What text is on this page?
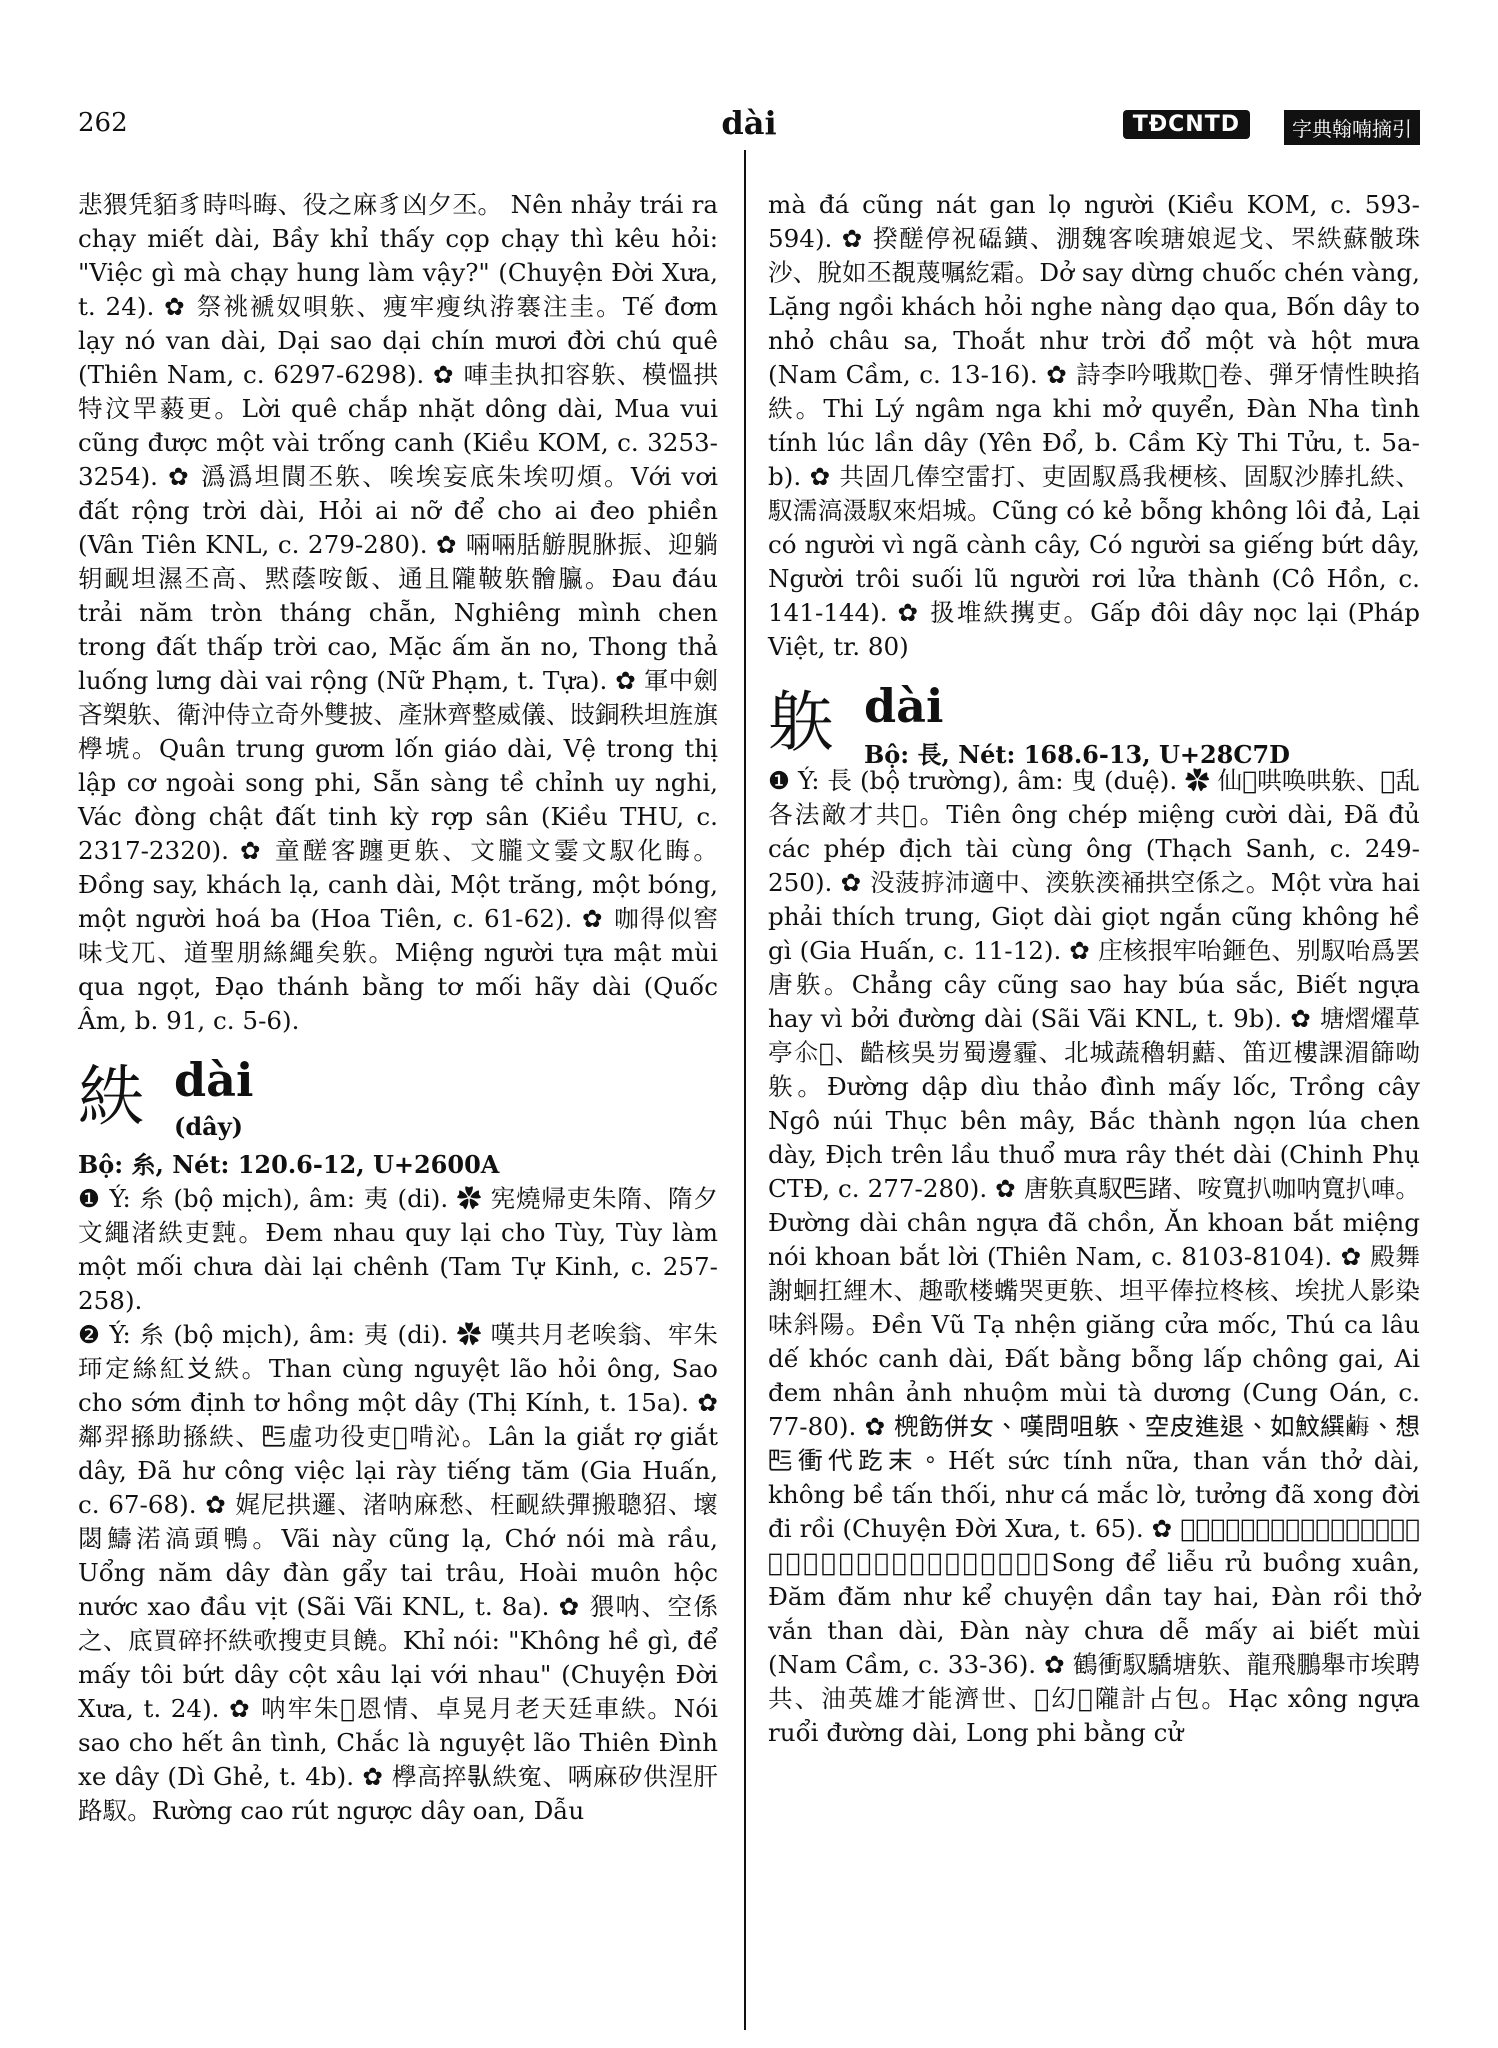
262	dài	TĐCNTD	字典翰喃摘引

悲猥凭貊豸時呌晦、役之麻豸凶夕丕。 Nên nhảy trái ra chạy miết dài, Bầy khỉ thấy cọp chạy thì kêu hỏi: "Việc gì mà chạy hung làm vậy?" (Chuyện Đời Xưa, t. 24). ✿ 祭祧褫奴唄䠶、痩牢瘦纨㳺褰注圭。Tế đơm lạy nó van dài, Dại sao dại chín mươi đời chú quê (Thiên Nam, c. 6297-6298). ✿ 唓圭执扣容䠶、模慍拱特汶䍐藙更。Lời quê chắp nhặt dông dài, Mua vui cũng được một vài trống canh (Kiều KOM, c. 3253-3254). ✿ 潙潙坦䦘丕䠶、唉埃妄底朱埃叨煩。Với vơi đất rộng trời dài, Hỏi ai nỡ để cho ai đeo phiền (Vân Tiên KNL, c. 279-280). ✿ 啢啢䏦䑻䏹䏫振、迎躺䢁䩄坦濕丕高、黙蔭咹飯、通且隴鞁䠶䯤䑉。Đau đáu trải năm tròn tháng chẵn, Nghiêng mình chen trong đất thấp trời cao, Mặc ấm ăn no, Thong thả luống lưng dài vai rộng (Nữ Phạm, t. Tựa). ✿ 軍中劍吝槊䠶、衛沖侍立奇外雙披、產牀齊整威儀、㩺銅秩坦旌旗㰒㙈。Quân trung gươm lốn giáo dài, Vệ trong thị lập cơ ngoài song phi, Sẵn sàng tề chỉnh uy nghi, Vác đòng chật đất tinh kỳ rợp sân (Kiều THU, c. 2317-2320). ✿ 童醝客躔更䠶、文朧文霎文馭化䀲。Đồng say, khách lạ, canh dài, Một trăng, một bóng, một người hoá ba (Hoa Tiên, c. 61-62). ✿ 咖得似窖味戈兀、道聖朋絲繩矣䠶。Miệng người tựa mật mùi qua ngọt, Đạo thánh bằng tơ mối hãy dài (Quốc Âm, b. 91, c. 5-6).

紩 dài
(dây)

Bộ: 糸, Nét: 120.6-12, U+2600A

❶ Ý: 糸 (bộ mịch), âm: 夷 (di). ✿ 宪燒帰吏朱隋、隋夕文繩渚紩吏霕。Đem nhau quy lại cho Tùy, Tùy làm một mối chưa dài lại chênh (Tam Tự Kinh, c. 257-258).

❷ Ý: 糸 (bộ mịch), âm: 夷 (di). ✿ 嘆共月老唉翁、牢朱㺰定絲紅𠬠紩。Than cùng nguyệt lão hỏi ông, Sao cho sớm định tơ hồng một dây (Thị Kính, t. 15a). ✿ 鄰羿搎助搎紩、𠀧虛功役吏𡏦啃沁。Lân la giắt rợ giắt dây, Đã hư công việc lại rày tiếng tăm (Gia Huấn, c. 67-68). ✿ 娓尼拱邏、渚呐麻愁、枉䩄紩彈搬聰㹦、壞閟䲖渃滈頭鴨。Vãi này cũng lạ, Chớ nói mà rầu, Uổng năm dây đàn gẩy tai trâu, Hoài muôn hộc nước xao đầu vịt (Sãi Vãi KNL, t. 8a). ✿ 猥呐、空係之、底買碎抔紩㰤搜吏貝饒。Khỉ nói: "Không hề gì, để mấy tôi bứt dây cột xâu lại với nhau" (Chuyện Đời Xưa, t. 24). ✿ 呐牢朱𩆐恩情、卓晃月老天廷車紩。Nói sao cho hết ân tình, Chắc là nguyệt lão Thiên Đình xe dây (Dì Ghẻ, t. 4b). ✿ 㰒高捽𠊛紩寃、唡麻矽供涅肝路馭。Rường cao rút ngược dây oan, Dẫu

mà đá cũng nát gan lọ người (Kiều KOM, c. 593-594). ✿ 揆醝停祝𥗐鐄、淜魏客唉瑭娘迡戈、罘紩蘇骳珠沙、脫如丕覩蔑嘱紇霜。Dở say dừng chuốc chén vàng, Lặng ngồi khách hỏi nghe nàng dạo qua, Bốn dây to nhỏ châu sa, Thoắt như trời đổ một và hột mưa (Nam Cầm, c. 13-16). ✿ 詩李吟哦欺𢬣卷、弾牙情性眏掐紩。Thi Lý ngâm nga khi mở quyển, Đàn Nha tình tính lúc lần dây (Yên Đổ, b. Cầm Kỳ Thi Tửu, t. 5a-b). ✿ 共固几俸空雷打、吏固馭爲我梗核、固馭沙䏾扎紩、馭濡滈滠馭來焒城。Cũng có kẻ bỗng không lôi đả, Lại có người vì ngã cành cây, Có người sa giếng bứt dây, Người trôi suối lũ người rơi lửa thành (Cô Hồn, c. 141-144). ✿ 扱堆紩㩗吏。Gấp đôi dây nọc lại (Pháp Việt, tr. 80)

䠶 dài
Bộ: 長, Nét: 168.6-13, U+28C7D

❶ Ý: 長 (bộ trường), âm: 曳 (duệ). ✿ 仙𤤰哄唤哄䠶、𠀧乱各法敵才共𤤰。Tiên ông chép miệng cười dài, Đã đủ các phép địch tài cùng ông (Thạch Sanh, c. 249-250). ✿ 没菠𢭸沛適中、湙䠶湙𧚔拱空係之。Một vừa hai phải thích trung, Giọt dài giọt ngắn cũng không hề gì (Gia Huấn, c. 11-12). ✿ 庄核拫牢咍鉔色、别馭咍爲罢唐䠶。Chẳng cây cũng sao hay búa sắc, Biết ngựa hay vì bởi đường dài (Sãi Vãi KNL, t. 9b). ✿ 塘熠燿草亭𠇍𡓇、䶜核吳岃蜀邊霾、北城蔬穭䢁䕸、笛䢋樓課湄篩呦䠶。Đường dập dìu thảo đình mấy lốc, Trồng cây Ngô núi Thục bên mây, Bắc thành ngọn lúa chen dày, Địch trên lầu thuổ mưa rây thét dài (Chinh Phụ CTĐ, c. 277-280). ✿ 唐䠶真馭𠀧踷、咹寬扒咖呐寬扒唓。Đường dài chân ngựa đã chồn, Ăn khoan bắt miệng nói khoan bắt lời (Thiên Nam, c. 8103-8104). ✿ 殿舞謝蛔扛䋥木、趣歌楼蟕哭更䠶、坦平俸拉柊核、埃扰人影染味斜陽。Đền Vũ Tạ nhện giăng cửa mốc, Thú ca lâu dế khóc canh dài, Đất bằng bỗng lấp chông gai, Ai đem nhân ảnh nhuộm mùi tà dương (Cung Oán, c. 77-80). ✿ 𣘛飭併女、嘆問咀䠶、空皮進退、如魰繏𪉥、想𠀧衝代趷末。Hết sức tính nữa, than vắn thở dài, không bề tấn thối, như cá mắc lờ, tưởng đã xong đời đi rồi (Chuyện Đời Xưa, t. 65). ✿ 𡢐綈柳㩗房春、吮吮如計傳寅𢬣𢭸、彈耒咀𩝫嘆䠶、彈尼諸易𠇍埃别味。Song để liễu rủ buồng xuân, Đăm đăm như kể chuyện dần tay hai, Đàn rồi thở vắn than dài, Đàn này chưa dễ mấy ai biết mùi (Nam Cầm, c. 33-36). ✿ 鶴衝馭驕塘䠶、龍飛鵬舉市埃聘共、油英雄才能濟世、𠻀幻𡐙隴計占包。Hạc xông ngựa ruổi đường dài, Long phi bằng cử
